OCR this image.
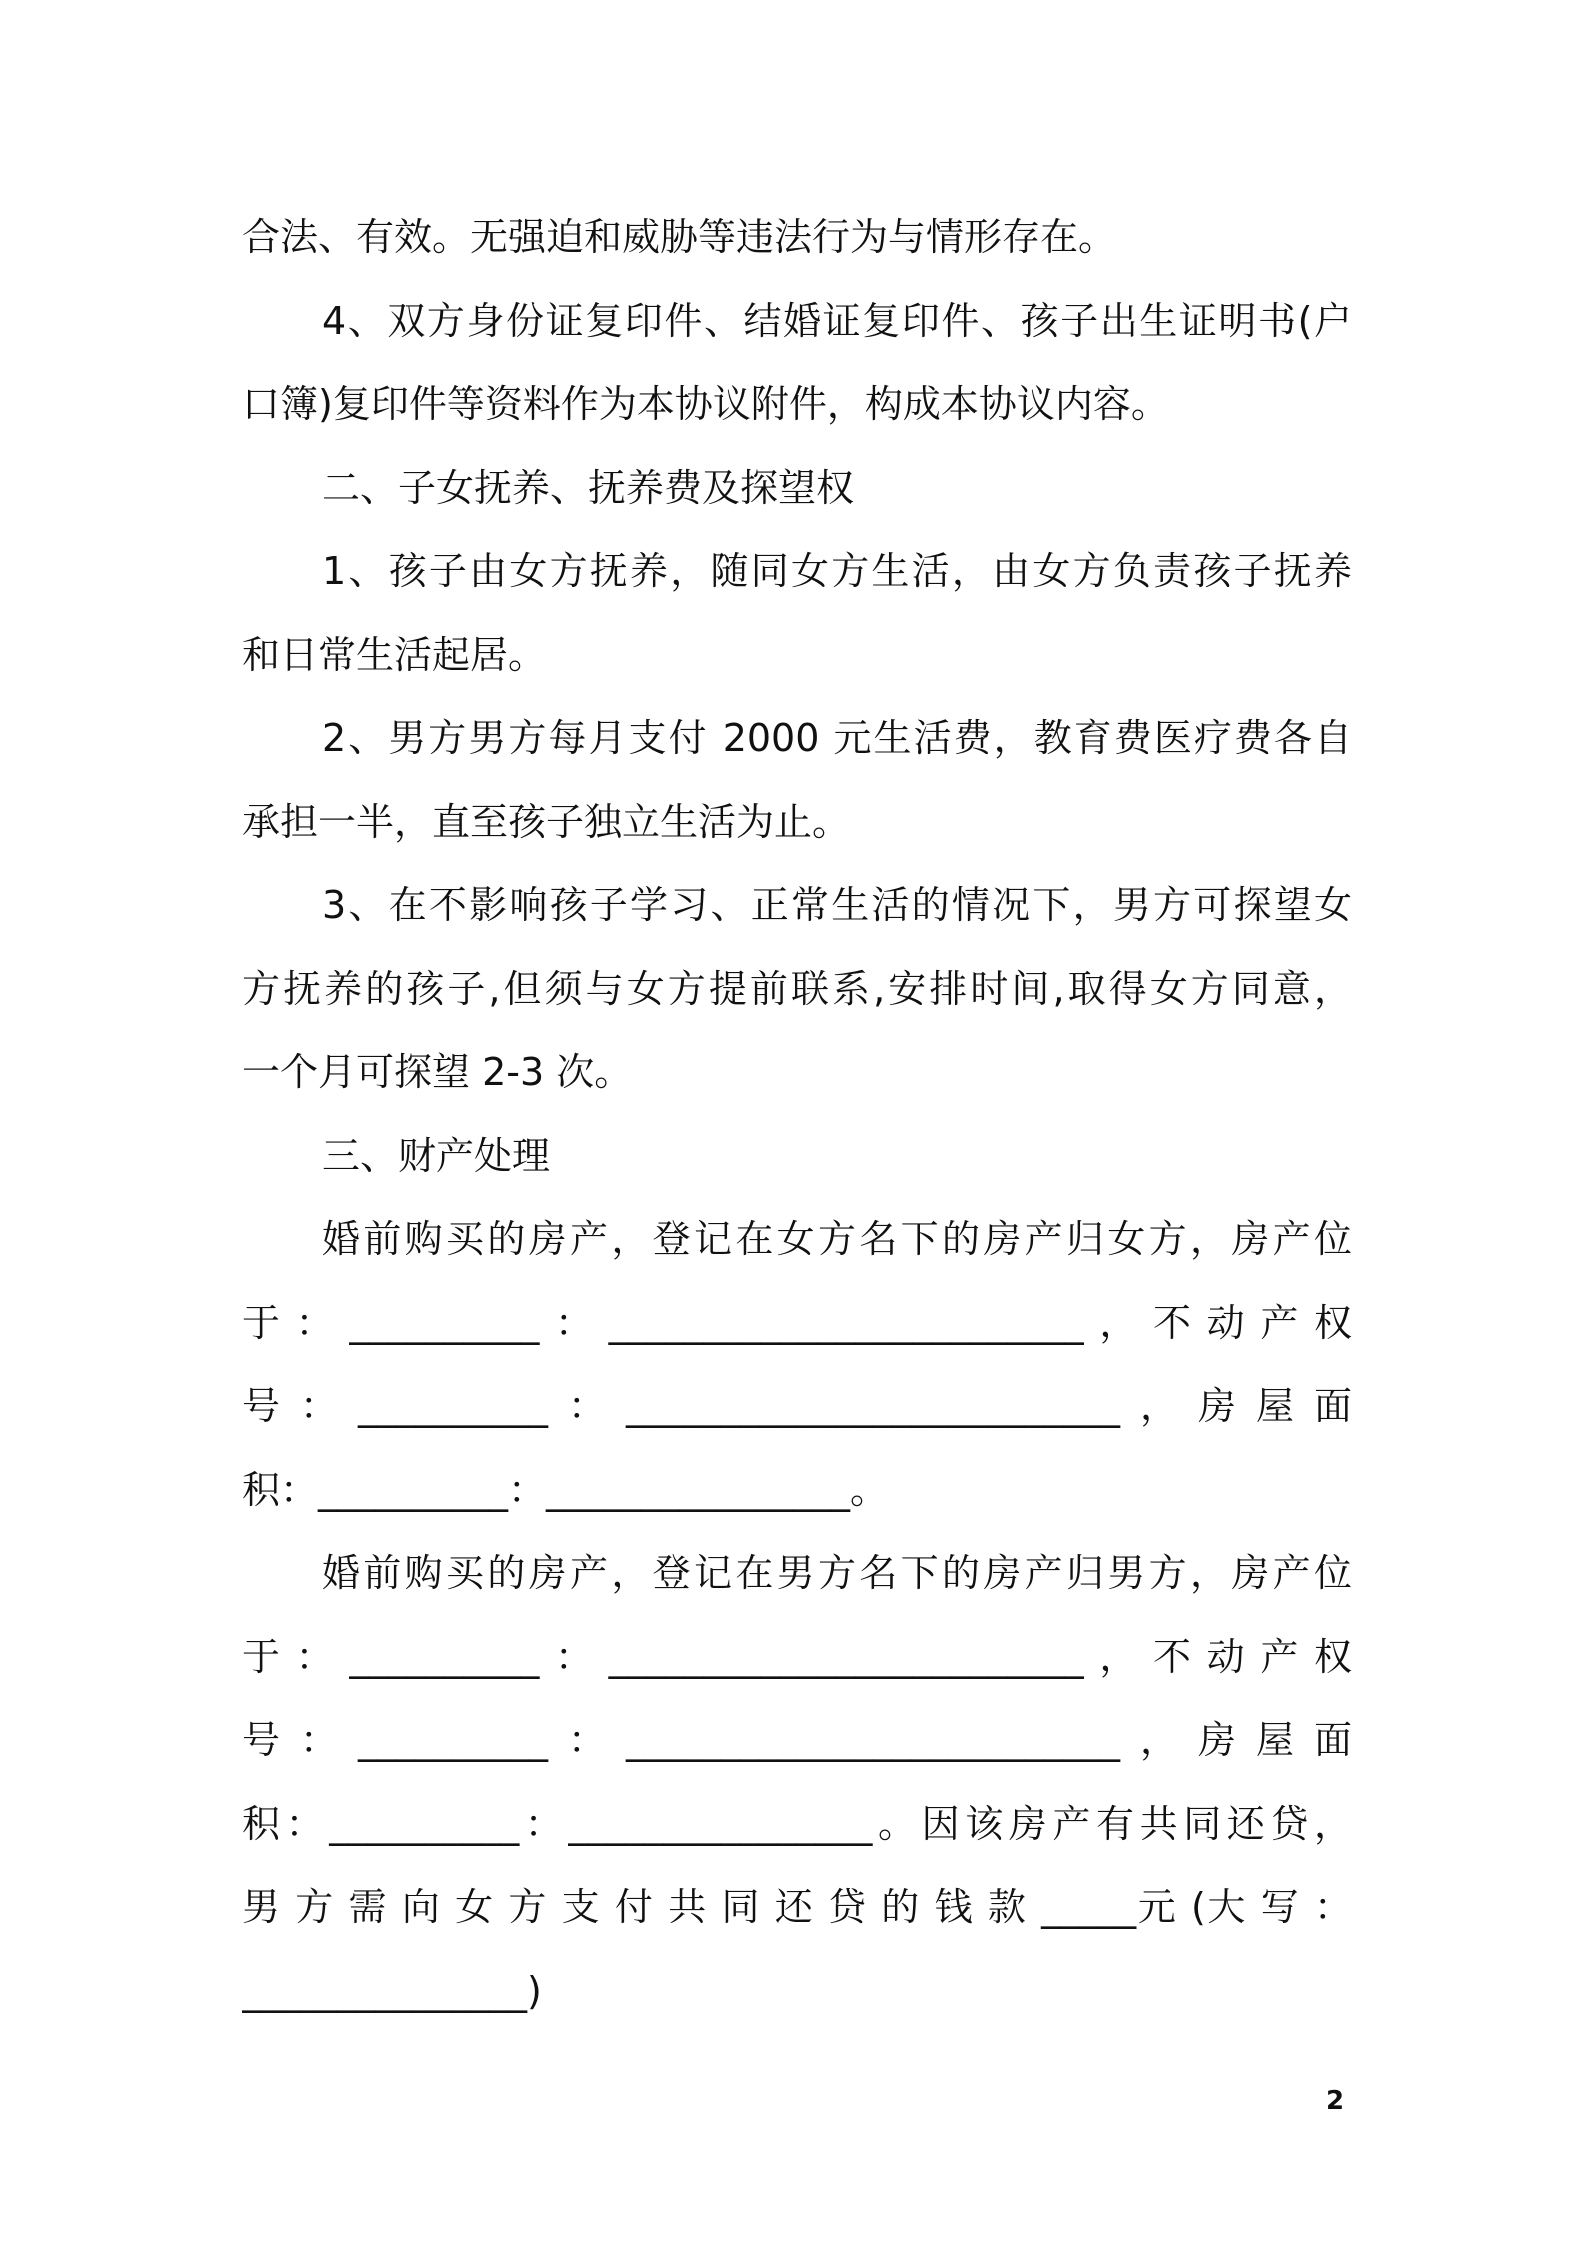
合法、有效。无强迫和威胁等违法行为与情形存在。
4、双方身份证复印件、结婚证复印件、孩子出生证明书(户
口簿)复印件等资料作为本协议附件，构成本协议内容。
二、子女抚养、抚养费及探望权
1、孩子由女方抚养，随同女方生活，由女方负责孩子抚养
和日常生活起居。
2、男方男方每月支付 2000 元生活费，教育费医疗费各自
承担一半，直至孩子独立生活为止。
3、在不影响孩子学习、正常生活的情况下，男方可探望女
方抚养的孩子,但须与女方提前联系,安排时间,取得女方同意，
一个月可探望 2-3 次。
三、财产处理
婚前购买的房产，登记在女方名下的房产归女方，房产位
于：__________：_________________________，不动产权
号：__________：__________________________，房屋面
积：__________：________________。
婚前购买的房产，登记在男方名下的房产归男方，房产位
于：__________：_________________________，不动产权
号：__________：__________________________，房屋面
积：__________：________________。因该房产有共同还贷，
男 方 需 向 女 方 支 付 共 同 还 贷 的 钱 款 _____元 (大 写 ：
_______________)
2
